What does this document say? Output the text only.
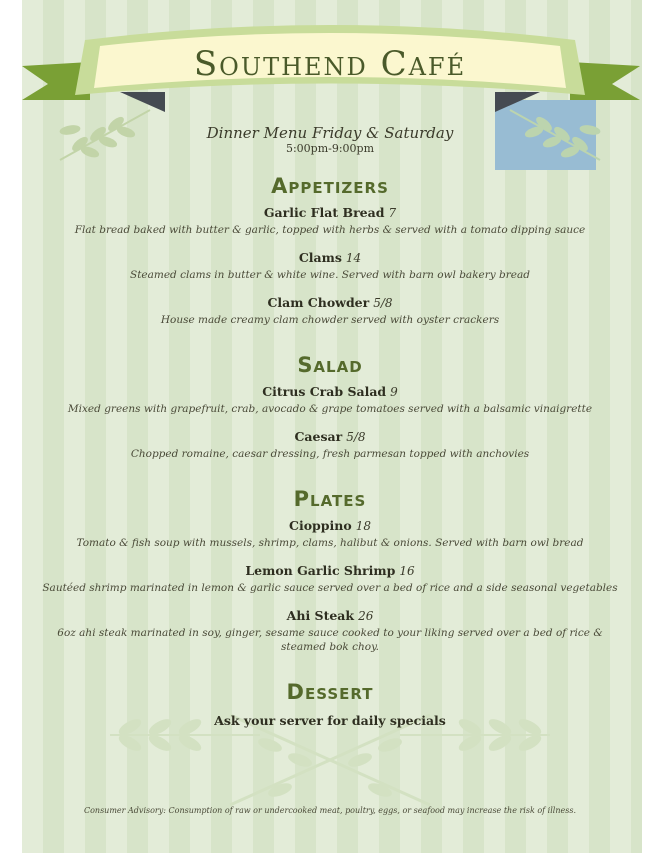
Southend Café
Dinner Menu Friday & Saturday
5:00pm-9:00pm
Appetizers
Garlic Flat Bread 7
Flat bread baked with butter & garlic, topped with herbs & served with a tomato dipping sauce
Clams 14
Steamed clams in butter & white wine. Served with barn owl bakery bread
Clam Chowder 5/8
House made creamy clam chowder served with oyster crackers
Salad
Citrus Crab Salad 9
Mixed greens with grapefruit, crab, avocado & grape tomatoes served with a balsamic vinaigrette
Caesar 5/8
Chopped romaine, caesar dressing, fresh parmesan topped with anchovies
Plates
Cioppino 18
Tomato & fish soup with mussels, shrimp, clams, halibut & onions. Served with barn owl bread
Lemon Garlic Shrimp 16
Sautéed shrimp marinated in lemon & garlic sauce served over a bed of rice and a side seasonal vegetables
Ahi Steak 26
6oz ahi steak marinated in soy, ginger, sesame sauce cooked to your liking served over a bed of rice & steamed bok choy.
Dessert
Ask your server for daily specials
Consumer Advisory: Consumption of raw or undercooked meat, poultry, eggs, or seafood may increase the risk of illness.
